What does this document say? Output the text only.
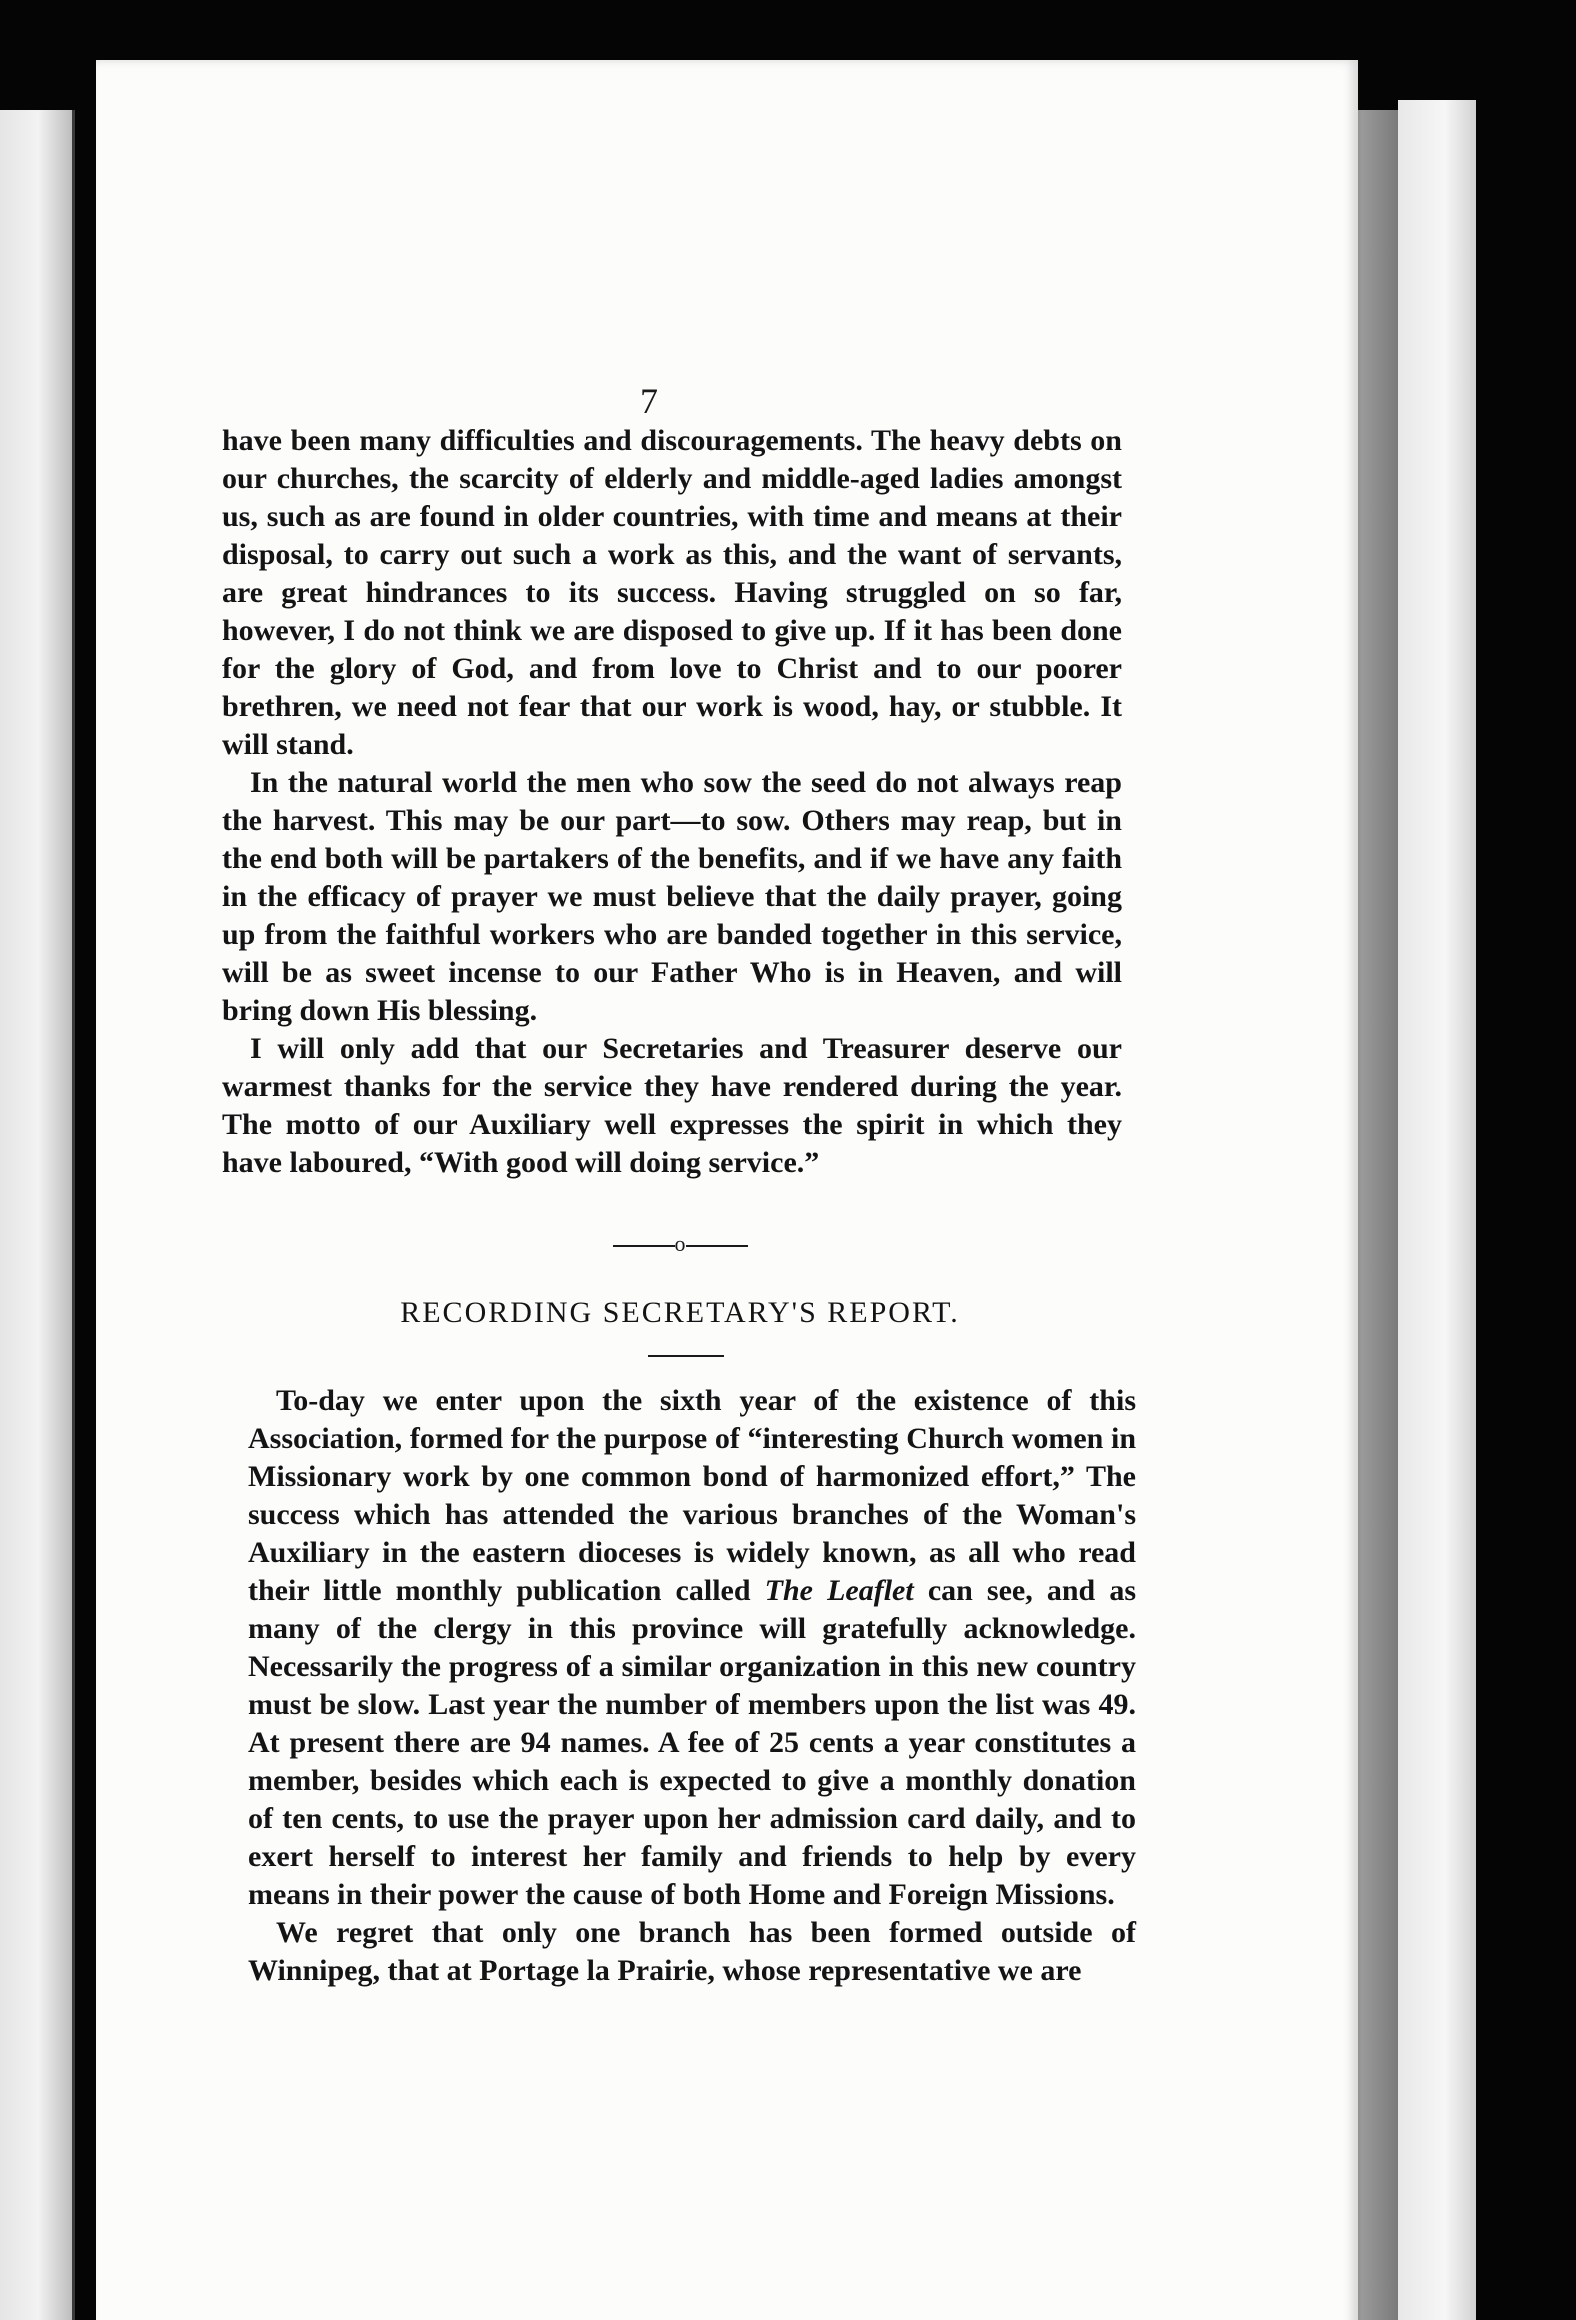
7

have been many difficulties and discouragements. The heavy debts on our churches, the scarcity of elderly and middle-aged ladies amongst us, such as are found in older countries, with time and means at their disposal, to carry out such a work as this, and the want of servants, are great hindrances to its success. Having struggled on so far, however, I do not think we are disposed to give up. If it has been done for the glory of God, and from love to Christ and to our poorer brethren, we need not fear that our work is wood, hay, or stubble. It will stand.

In the natural world the men who sow the seed do not always reap the harvest. This may be our part—to sow. Others may reap, but in the end both will be partakers of the benefits, and if we have any faith in the efficacy of prayer we must believe that the daily prayer, going up from the faithful workers who are banded together in this service, will be as sweet incense to our Father Who is in Heaven, and will bring down His blessing.

I will only add that our Secretaries and Treasurer deserve our warmest thanks for the service they have rendered during the year. The motto of our Auxiliary well expresses the spirit in which they have laboured, “With good will doing service.”

o
RECORDING SECRETARY'S REPORT.

To-day we enter upon the sixth year of the existence of this Association, formed for the purpose of “interesting Church women in Missionary work by one common bond of harmonized effort,” The success which has attended the various branches of the Woman's Auxiliary in the eastern dioceses is widely known, as all who read their little monthly publication called The Leaflet can see, and as many of the clergy in this province will gratefully acknowledge. Necessarily the progress of a similar organization in this new country must be slow. Last year the number of members upon the list was 49. At present there are 94 names. A fee of 25 cents a year constitutes a member, besides which each is expected to give a monthly donation of ten cents, to use the prayer upon her admission card daily, and to exert herself to interest her family and friends to help by every means in their power the cause of both Home and Foreign Missions.

We regret that only one branch has been formed outside of Winnipeg, that at Portage la Prairie, whose representative we are
